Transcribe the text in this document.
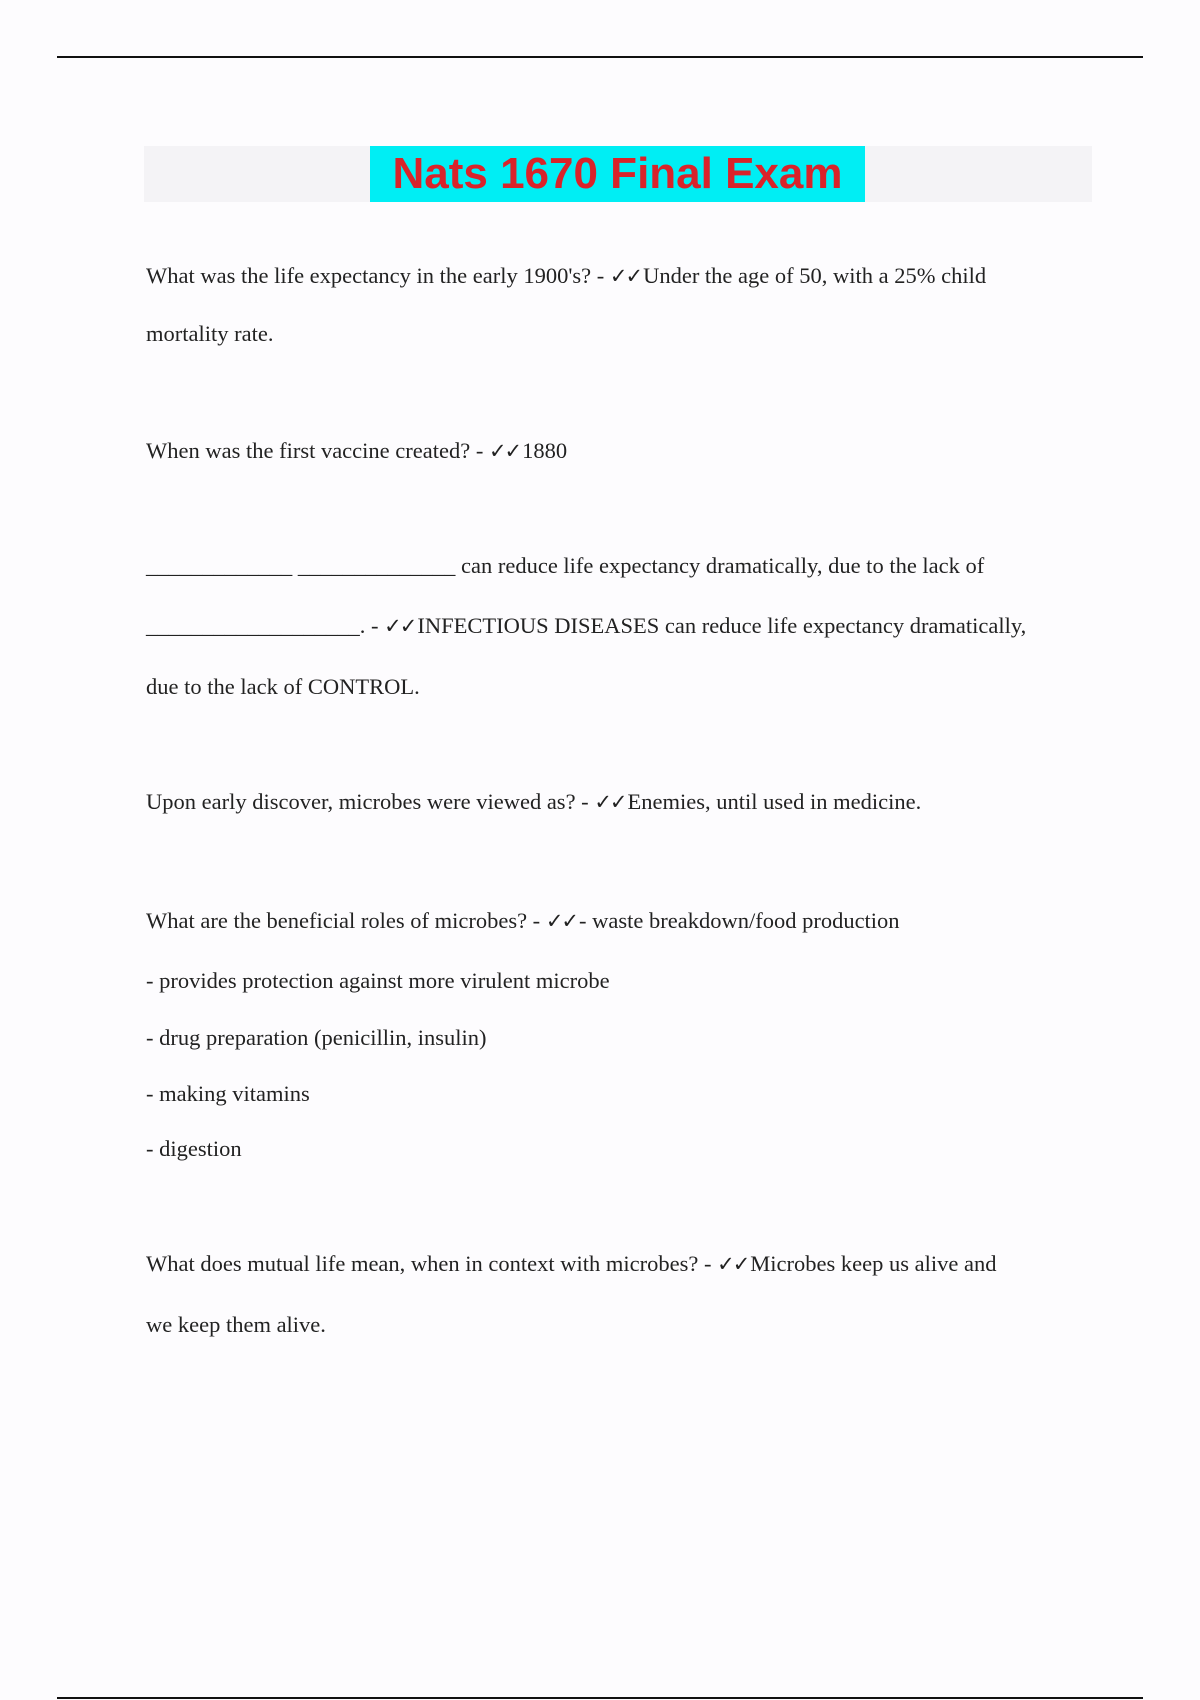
Nats 1670 Final Exam
What was the life expectancy in the early 1900's? - ✓✓Under the age of 50, with a 25% child
mortality rate.
When was the first vaccine created? - ✓✓1880
_____________ ______________ can reduce life expectancy dramatically, due to the lack of
___________________. - ✓✓INFECTIOUS DISEASES can reduce life expectancy dramatically,
due to the lack of CONTROL.
Upon early discover, microbes were viewed as? - ✓✓Enemies, until used in medicine.
What are the beneficial roles of microbes? - ✓✓- waste breakdown/food production
- provides protection against more virulent microbe
- drug preparation (penicillin, insulin)
- making vitamins
- digestion
What does mutual life mean, when in context with microbes? - ✓✓Microbes keep us alive and
we keep them alive.
